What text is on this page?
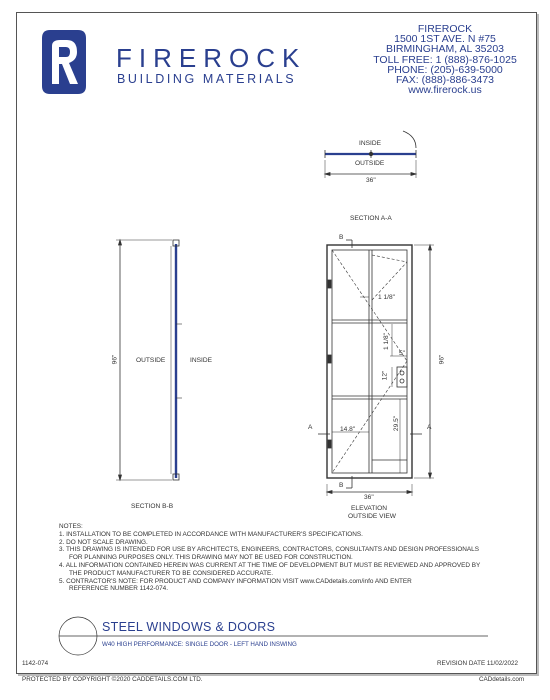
FIREROCK
BUILDING MATERIALS
FIREROCK
1500 1ST AVE. N #75
BIRMINGHAM, AL 35203
TOLL FREE: 1 (888)-876-1025
PHONE: (205)-639-5000
FAX: (888)-886-3473
www.firerock.us
INSIDE
OUTSIDE
36"
OUTSIDE	INSIDE
96"
SECTION B-B
SECTION A-A
B
B
A	A
1 1/8"
1 1/8"
5"
12"
96"
14.8"	29.5"
36"
ELEVATION
OUTSIDE VIEW
NOTES:
1. INSTALLATION TO BE COMPLETED IN ACCORDANCE WITH MANUFACTURER'S SPECIFICATIONS.
2. DO NOT SCALE DRAWING.
3. THIS DRAWING IS INTENDED FOR USE BY ARCHITECTS, ENGINEERS, CONTRACTORS, CONSULTANTS AND DESIGN PROFESSIONALS
FOR PLANNING PURPOSES ONLY. THIS DRAWING MAY NOT BE USED FOR CONSTRUCTION.
4. ALL INFORMATION CONTAINED HEREIN WAS CURRENT AT THE TIME OF DEVELOPMENT BUT MUST BE REVIEWED AND APPROVED BY
THE PRODUCT MANUFACTURER TO BE CONSIDERED ACCURATE.
5. CONTRACTOR'S NOTE: FOR PRODUCT AND COMPANY INFORMATION VISIT www.CADdetails.com/info AND ENTER
REFERENCE NUMBER 1142-074.
STEEL WINDOWS & DOORS
W40 HIGH PERFORMANCE: SINGLE DOOR - LEFT HAND INSWING
1142-074	REVISION DATE 11/02/2022
PROTECTED BY COPYRIGHT ©2020 CADDETAILS.COM LTD.	CADdetails.com
